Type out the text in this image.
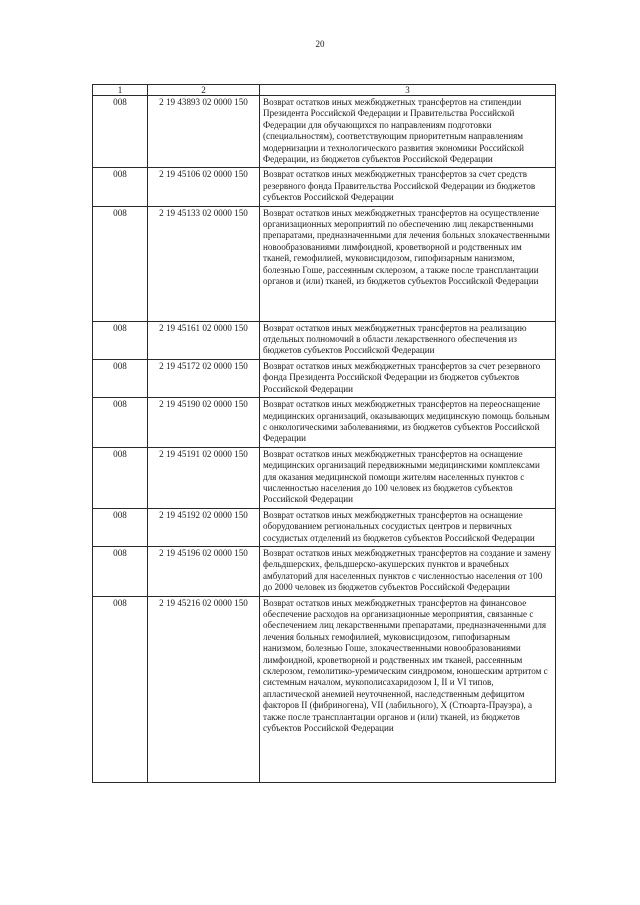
20
1	2	3
008	2 19 43893 02 0000 150	Возврат остатков иных межбюджетных трансфертов на стипендии Президента Российской Федерации и Правительства Российской Федерации для обучающихся по направлениям подготовки (специальностям), соответствующим приоритетным направлениям модернизации и технологического развития экономики Российской Федерации, из бюджетов субъектов Российской Федерации
008	2 19 45106 02 0000 150	Возврат остатков иных межбюджетных трансфертов за счет средств резервного фонда Правительства Российской Федерации из бюджетов субъектов Российской Федерации
008	2 19 45133 02 0000 150	Возврат остатков иных межбюджетных трансфертов на осуществление организационных мероприятий по обеспечению лиц лекарственными препаратами, предназначенными для лечения больных злокачественными новообразованиями лимфоидной, кроветворной и родственных им тканей, гемофилией, муковисцидозом, гипофизарным нанизмом, болезнью Гоше, рассеянным склерозом, а также после трансплантации органов и (или) тканей, из бюджетов субъектов Российской Федерации
008	2 19 45161 02 0000 150	Возврат остатков иных межбюджетных трансфертов на реализацию отдельных полномочий в области лекарственного обеспечения из бюджетов субъектов Российской Федерации
008	2 19 45172 02 0000 150	Возврат остатков иных межбюджетных трансфертов за счет резервного фонда Президента Российской Федерации из бюджетов субъектов Российской Федерации
008	2 19 45190 02 0000 150	Возврат остатков иных межбюджетных трансфертов на переоснащение медицинских организаций, оказывающих медицинскую помощь больным с онкологическими заболеваниями, из бюджетов субъектов Российской Федерации
008	2 19 45191 02 0000 150	Возврат остатков иных межбюджетных трансфертов на оснащение медицинских организаций передвижными медицинскими комплексами для оказания медицинской помощи жителям населенных пунктов с численностью населения до 100 человек из бюджетов субъектов Российской Федерации
008	2 19 45192 02 0000 150	Возврат остатков иных межбюджетных трансфертов на оснащение оборудованием региональных сосудистых центров и первичных сосудистых отделений из бюджетов субъектов Российской Федерации
008	2 19 45196 02 0000 150	Возврат остатков иных межбюджетных трансфертов на создание и замену фельдшерских, фельдшерско-акушерских пунктов и врачебных амбулаторий для населенных пунктов с численностью населения от 100 до 2000 человек из бюджетов субъектов Российской Федерации
008	2 19 45216 02 0000 150	Возврат остатков иных межбюджетных трансфертов на финансовое обеспечение расходов на организационные мероприятия, связанные с обеспечением лиц лекарственными препаратами, предназначенными для лечения больных гемофилией, муковисцидозом, гипофизарным нанизмом, болезнью Гоше, злокачественными новообразованиями лимфоидной, кроветворной и родственных им тканей, рассеянным склерозом, гемолитико-уремическим синдромом, юношеским артритом с системным началом, мукополисахаридозом I, II и VI типов, апластической анемией неуточненной, наследственным дефицитом факторов II (фибриногена), VII (лабильного), X (Стюарта-Прауэра), а также после трансплантации органов и (или) тканей, из бюджетов субъектов Российской Федерации
